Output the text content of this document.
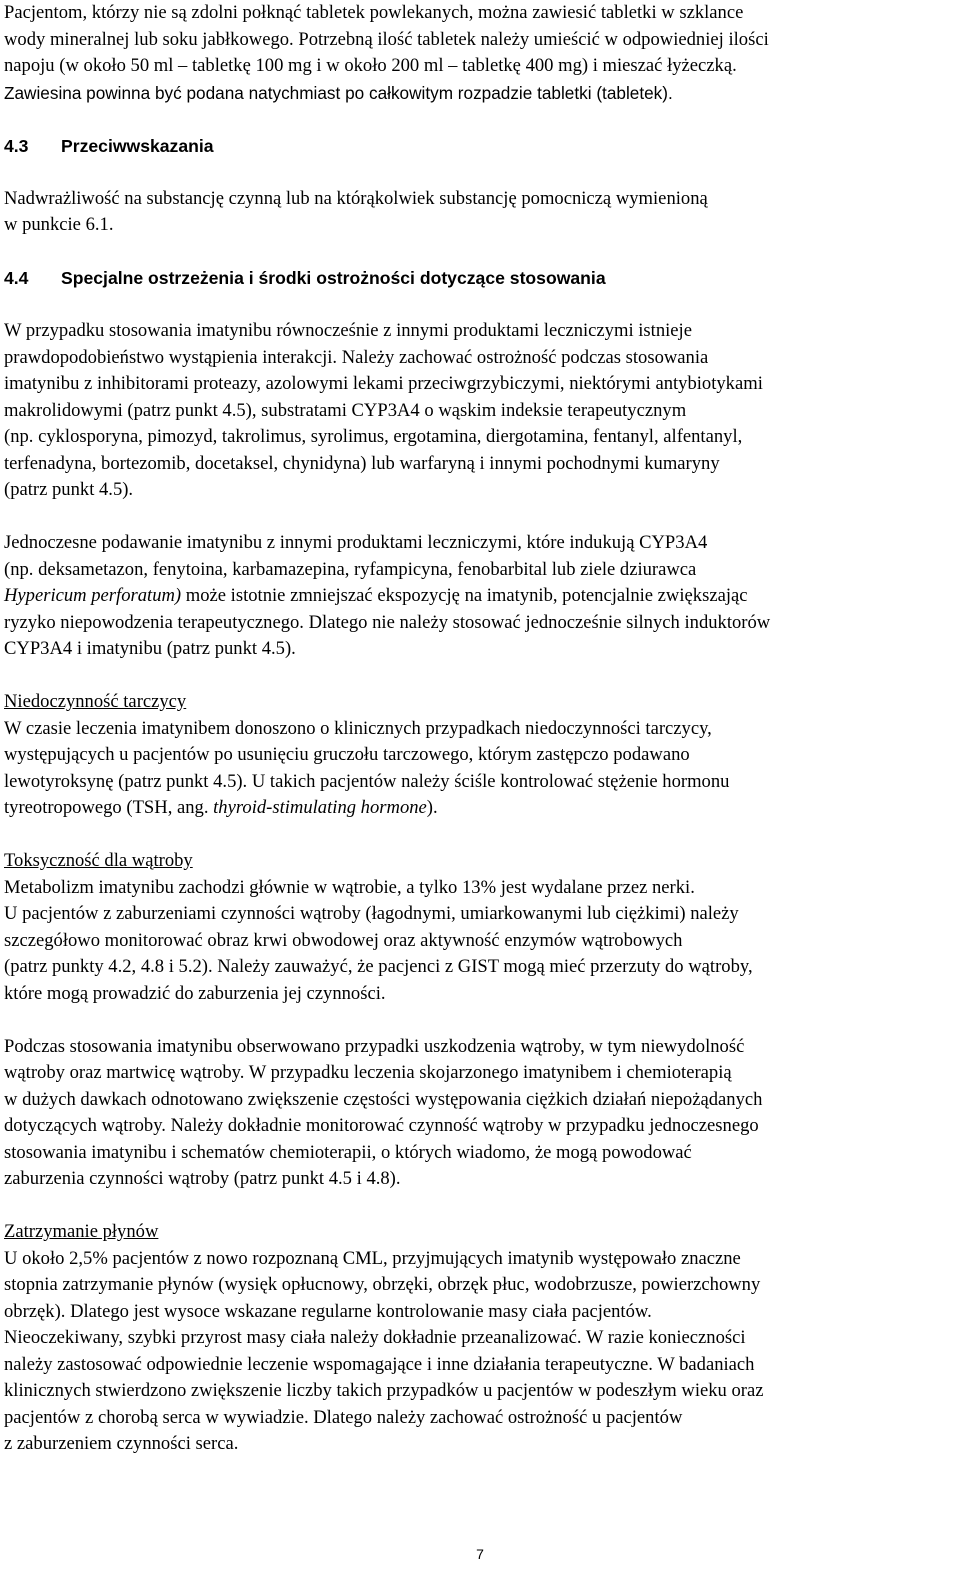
Pacjentom, którzy nie są zdolni połknąć tabletek powlekanych, można zawiesić tabletki w szklance
wody mineralnej lub soku jabłkowego. Potrzebną ilość tabletek należy umieścić w odpowiedniej ilości
napoju (w około 50 ml – tabletkę 100 mg i w około 200 ml – tabletkę 400 mg) i mieszać łyżeczką.
Zawiesina powinna być podana natychmiast po całkowitym rozpadzie tabletki (tabletek).
4.3 Przeciwwskazania
Nadwrażliwość na substancję czynną lub na którąkolwiek substancję pomocniczą wymienioną
w punkcie 6.1.
4.4 Specjalne ostrzeżenia i środki ostrożności dotyczące stosowania
W przypadku stosowania imatynibu równocześnie z innymi produktami leczniczymi istnieje
prawdopodobieństwo wystąpienia interakcji. Należy zachować ostrożność podczas stosowania
imatynibu z inhibitorami proteazy, azolowymi lekami przeciwgrzybiczymi, niektórymi antybiotykami
makrolidowymi (patrz punkt 4.5), substratami CYP3A4 o wąskim indeksie terapeutycznym
(np. cyklosporyna, pimozyd, takrolimus, syrolimus, ergotamina, diergotamina, fentanyl, alfentanyl,
terfenadyna, bortezomib, docetaksel, chynidyna) lub warfaryną i innymi pochodnymi kumaryny
(patrz punkt 4.5).
Jednoczesne podawanie imatynibu z innymi produktami leczniczymi, które indukują CYP3A4
(np. deksametazon, fenytoina, karbamazepina, ryfampicyna, fenobarbital lub ziele dziurawca
Hypericum perforatum) może istotnie zmniejszać ekspozycję na imatynib, potencjalnie zwiększając
ryzyko niepowodzenia terapeutycznego. Dlatego nie należy stosować jednocześnie silnych induktorów
CYP3A4 i imatynibu (patrz punkt 4.5).
Niedoczynność tarczycy
W czasie leczenia imatynibem donoszono o klinicznych przypadkach niedoczynności tarczycy,
występujących u pacjentów po usunięciu gruczołu tarczowego, którym zastępczo podawano
lewotyroksynę (patrz punkt 4.5). U takich pacjentów należy ściśle kontrolować stężenie hormonu
tyreotropowego (TSH, ang. thyroid-stimulating hormone).
Toksyczność dla wątroby
Metabolizm imatynibu zachodzi głównie w wątrobie, a tylko 13% jest wydalane przez nerki.
U pacjentów z zaburzeniami czynności wątroby (łagodnymi, umiarkowanymi lub ciężkimi) należy
szczegółowo monitorować obraz krwi obwodowej oraz aktywność enzymów wątrobowych
(patrz punkty 4.2, 4.8 i 5.2). Należy zauważyć, że pacjenci z GIST mogą mieć przerzuty do wątroby,
które mogą prowadzić do zaburzenia jej czynności.
Podczas stosowania imatynibu obserwowano przypadki uszkodzenia wątroby, w tym niewydolność
wątroby oraz martwicę wątroby. W przypadku leczenia skojarzonego imatynibem i chemioterapią
w dużych dawkach odnotowano zwiększenie częstości występowania ciężkich działań niepożądanych
dotyczących wątroby. Należy dokładnie monitorować czynność wątroby w przypadku jednoczesnego
stosowania imatynibu i schematów chemioterapii, o których wiadomo, że mogą powodować
zaburzenia czynności wątroby (patrz punkt 4.5 i 4.8).
Zatrzymanie płynów
U około 2,5% pacjentów z nowo rozpoznaną CML, przyjmujących imatynib występowało znaczne
stopnia zatrzymanie płynów (wysięk opłucnowy, obrzęki, obrzęk płuc, wodobrzusze, powierzchowny
obrzęk). Dlatego jest wysoce wskazane regularne kontrolowanie masy ciała pacjentów.
Nieoczekiwany, szybki przyrost masy ciała należy dokładnie przeanalizować. W razie konieczności
należy zastosować odpowiednie leczenie wspomagające i inne działania terapeutyczne. W badaniach
klinicznych stwierdzono zwiększenie liczby takich przypadków u pacjentów w podeszłym wieku oraz
pacjentów z chorobą serca w wywiadzie. Dlatego należy zachować ostrożność u pacjentów
z zaburzeniem czynności serca.
7
